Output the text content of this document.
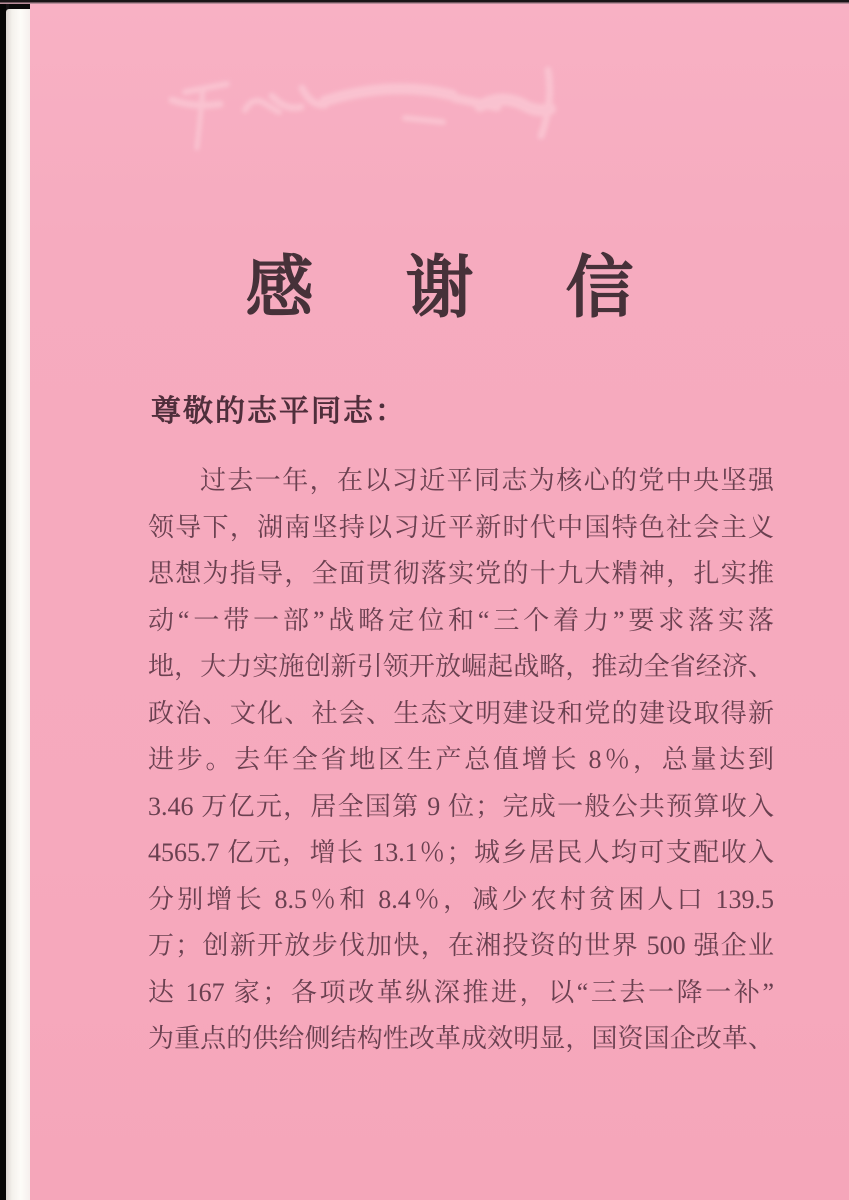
感 谢 信
尊敬的志平同志：
过去一年，在以习近平同志为核心的党中央坚强
领导下，湖南坚持以习近平新时代中国特色社会主义
思想为指导，全面贯彻落实党的十九大精神，扎实推
动“一带一部”战略定位和“三个着力”要求落实落
地，大力实施创新引领开放崛起战略，推动全省经济、
政治、文化、社会、生态文明建设和党的建设取得新
进步。去年全省地区生产总值增长 8％，总量达到
3.46 万亿元，居全国第 9 位；完成一般公共预算收入
4565.7 亿元，增长 13.1％；城乡居民人均可支配收入
分别增长 8.5％和 8.4％，减少农村贫困人口 139.5
万；创新开放步伐加快，在湘投资的世界 500 强企业
达 167 家；各项改革纵深推进，以“三去一降一补”
为重点的供给侧结构性改革成效明显，国资国企改革、
